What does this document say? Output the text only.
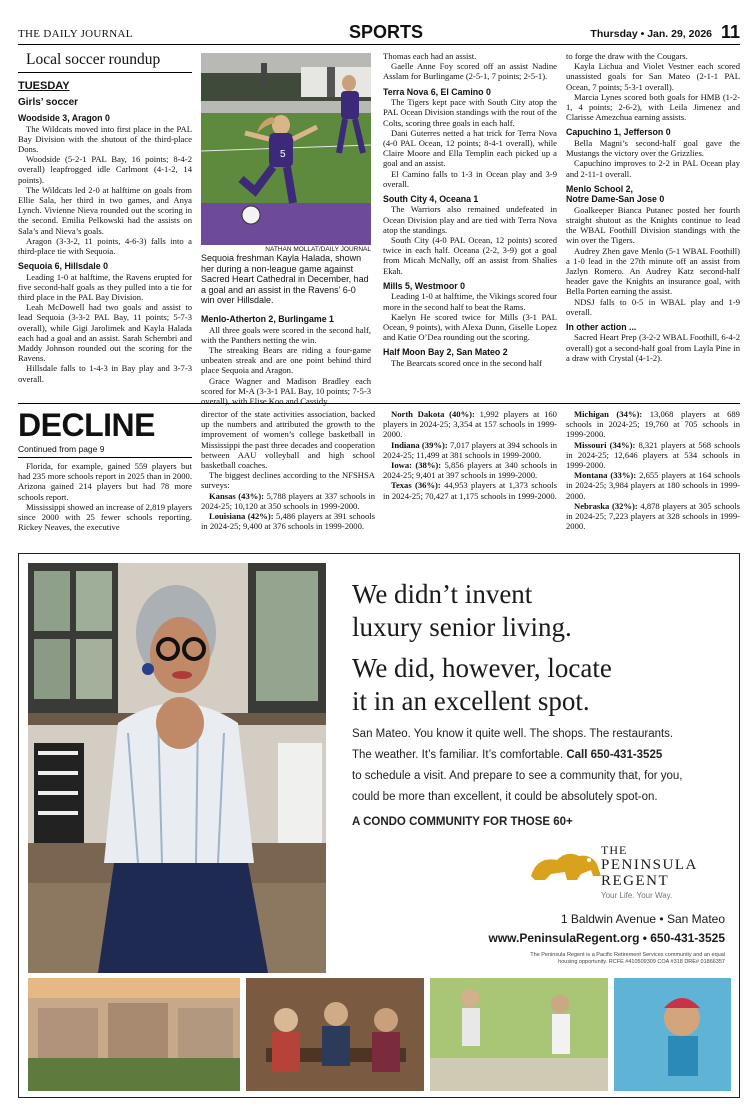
THE DAILY JOURNAL	SPORTS	Thursday • Jan. 29, 2026 11
Local soccer roundup
TUESDAY
Girls’ soccer
Woodside 3, Aragon 0

The Wildcats moved into first place in the PAL Bay Division with the shutout of the third-place Dons.

Woodside (5-2-1 PAL Bay, 16 points; 8-4-2 overall) leapfrogged idle Carlmont (4-1-2, 14 points).

The Wildcats led 2-0 at halftime on goals from Ellie Sala, her third in two games, and Anya Lynch. Vivienne Nieva rounded out the scoring in the second. Emilia Pelkowski had the assists on Sala’s and Nieva’s goals.

Aragon (3-3-2, 11 points, 4-6-3) falls into a third-place tie with Sequoia.

Sequoia 6, Hillsdale 0

Leading 1-0 at halftime, the Ravens erupted for five second-half goals as they pulled into a tie for third place in the PAL Bay Division.

Leah McDowell had two goals and assist to lead Sequoia (3-3-2 PAL Bay, 11 points; 5-7-3 overall), while Gigi Jarolimek and Kayla Halada each had a goal and an assist. Sarah Schembri and Maddy Johnson rounded out the scoring for the Ravens.

Hillsdale falls to 1-4-3 in Bay play and 3-7-3 overall.

5
NATHAN MOLLAT/DAILY JOURNAL
Sequoia freshman Kayla Halada, shown her during a non-league game against Sacred Heart Cathedral in December, had a goal and an assist in the Ravens’ 6-0 win over Hillsdale.
Menlo-Atherton 2, Burlingame 1

All three goals were scored in the second half, with the Panthers netting the win.

The streaking Bears are riding a four-game unbeaten streak and are one point behind third place Sequoia and Aragon.

Grace Wagner and Madison Bradley each scored for M-A (3-3-1 PAL Bay, 10 points; 7-5-3 overall), with Elise Koo and Cassidy

Thomas each had an assist.

Gaelle Anne Foy scored off an assist Nadine Asslam for Burlingame (2-5-1, 7 points; 2-5-1).

Terra Nova 6, El Camino 0

The Tigers kept pace with South City atop the PAL Ocean Division standings with the rout of the Colts, scoring three goals in each half.

Dani Guterres netted a hat trick for Terra Nova (4-0 PAL Ocean, 12 points; 8-4-1 overall), while Claire Moore and Ella Templin each picked up a goal and an assist.

El Camino falls to 1-3 in Ocean play and 3-9 overall.

South City 4, Oceana 1

The Warriors also remained undefeated in Ocean Division play and are tied with Terra Nova atop the standings.

South City (4-0 PAL Ocean, 12 points) scored twice in each half. Oceana (2-2, 3-9) got a goal from Micah McNally, off an assist from Shalies Ekah.

Mills 5, Westmoor 0

Leading 1-0 at halftime, the Vikings scored four more in the second half to beat the Rams.

Kaelyn He scored twice for Mills (3-1 PAL Ocean, 9 points), with Alexa Dunn, Giselle Lopez and Katie O’Dea rounding out the scoring.

Half Moon Bay 2, San Mateo 2

The Bearcats scored once in the second half

to forge the draw with the Cougars.

Kayla Lichua and Violet Vestner each scored unassisted goals for San Mateo (2-1-1 PAL Ocean, 7 points; 5-3-1 overall).

Marcia Lynes scored both goals for HMB (1-2-1, 4 points; 2-6-2), with Leila Jimenez and Clarisse Amezchua earning assists.

Capuchino 1, Jefferson 0

Bella Magni’s second-half goal gave the Mustangs the victory over the Grizzlies.

Capuchino improves to 2-2 in PAL Ocean play and 2-11-1 overall.

Menlo School 2,
Notre Dame-San Jose 0

Goalkeeper Bianca Putanec posted her fourth straight shutout as the Knights continue to lead the WBAL Foothill Division standings with the win over the Tigers.

Audrey Zhen gave Menlo (5-1 WBAL Foothill) a 1-0 lead in the 27th minute off an assist from Jazlyn Romero. An Audrey Katz second-half header gave the Knights an insurance goal, with Bella Porten earning the assist.

NDSJ falls to 0-5 in WBAL play and 1-9 overall.

In other action ...

Sacred Heart Prep (3-2-2 WBAL Foothill, 6-4-2 overall) got a second-half goal from Layla Pine in a draw with Crystal (4-1-2).

DECLINE
Continued from page 9

Florida, for example, gained 559 players but had 235 more schools report in 2025 than in 2000. Arizona gained 214 players but had 78 more schools report.

Mississippi showed an increase of 2,819 players since 2000 with 25 fewer schools reporting. Rickey Neaves, the executive

director of the state activities association, backed up the numbers and attributed the growth to the improvement of women’s college basketball in Mississippi the past three decades and cooperation between AAU volleyball and high school basketball coaches.

The biggest declines according to the NFSHSA surveys:

Kansas (43%): 5,788 players at 337 schools in 2024-25; 10,120 at 350 schools in 1999-2000.

Louisiana (42%): 5,486 players at 391 schools in 2024-25; 9,400 at 376 schools in 1999-2000.

North Dakota (40%): 1,992 players at 160 players in 2024-25; 3,354 at 157 schools in 1999-2000.

Indiana (39%): 7,017 players at 394 schools in 2024-25; 11,499 at 381 schools in 1999-2000.

Iowa: (38%): 5,856 players at 340 schools in 2024-25; 9,401 at 397 schools in 1999-2000.

Texas (36%): 44,953 players at 1,373 schools in 2024-25; 70,427 at 1,175 schools in 1999-2000.

Michigan (34%): 13,068 players at 689 schools in 2024-25; 19,760 at 705 schools in 1999-2000.

Missouri (34%): 8,321 players at 568 schools in 2024-25; 12,646 players at 534 schools in 1999-2000.

Montana (33%): 2,655 players at 164 schools in 2024-25; 3,984 players at 180 schools in 1999-2000.

Nebraska (32%): 4,878 players at 305 schools in 2024-25; 7,223 players at 328 schools in 1999-2000.

We didn’t invent
luxury senior living.
We did, however, locate
it in an excellent spot.
San Mateo. You know it quite well. The shops. The restaurants.
The weather. It’s familiar. It’s comfortable. Call 650-431-3525
to schedule a visit. And prepare to see a community that, for you,
could be more than excellent, it could be absolutely spot-on.
A CONDO COMMUNITY FOR THOSE 60+
THE
PENINSULA
REGENT
Your Life. Your Way.
1 Baldwin Avenue • San Mateo
www.PeninsulaRegent.org • 650-431-3525
The Peninsula Regent is a Pacific Retirement Services community and an equal
housing opportunity. RCFE #410509309 COA #318 DRE# 01866357
